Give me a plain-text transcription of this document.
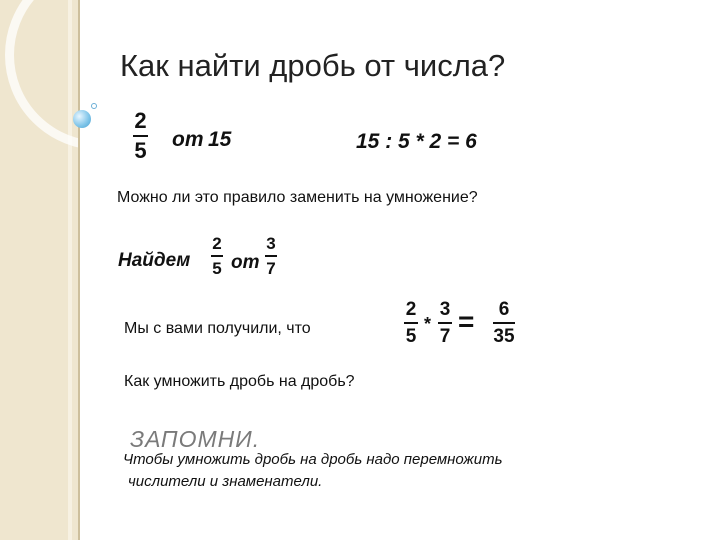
Как найти дробь от числа?
2
5 от 15	15 : 5 * 2 = 6
Можно ли это правило заменить на умножение?
Найдем
2
5 от
3
7
Мы с вами получили, что
2
5
*
3
7 = 6
35
Как умножить дробь на дробь?
ЗАПОМНИ.
Чтобы умножить дробь на дробь надо перемножить
числители и знаменатели.
